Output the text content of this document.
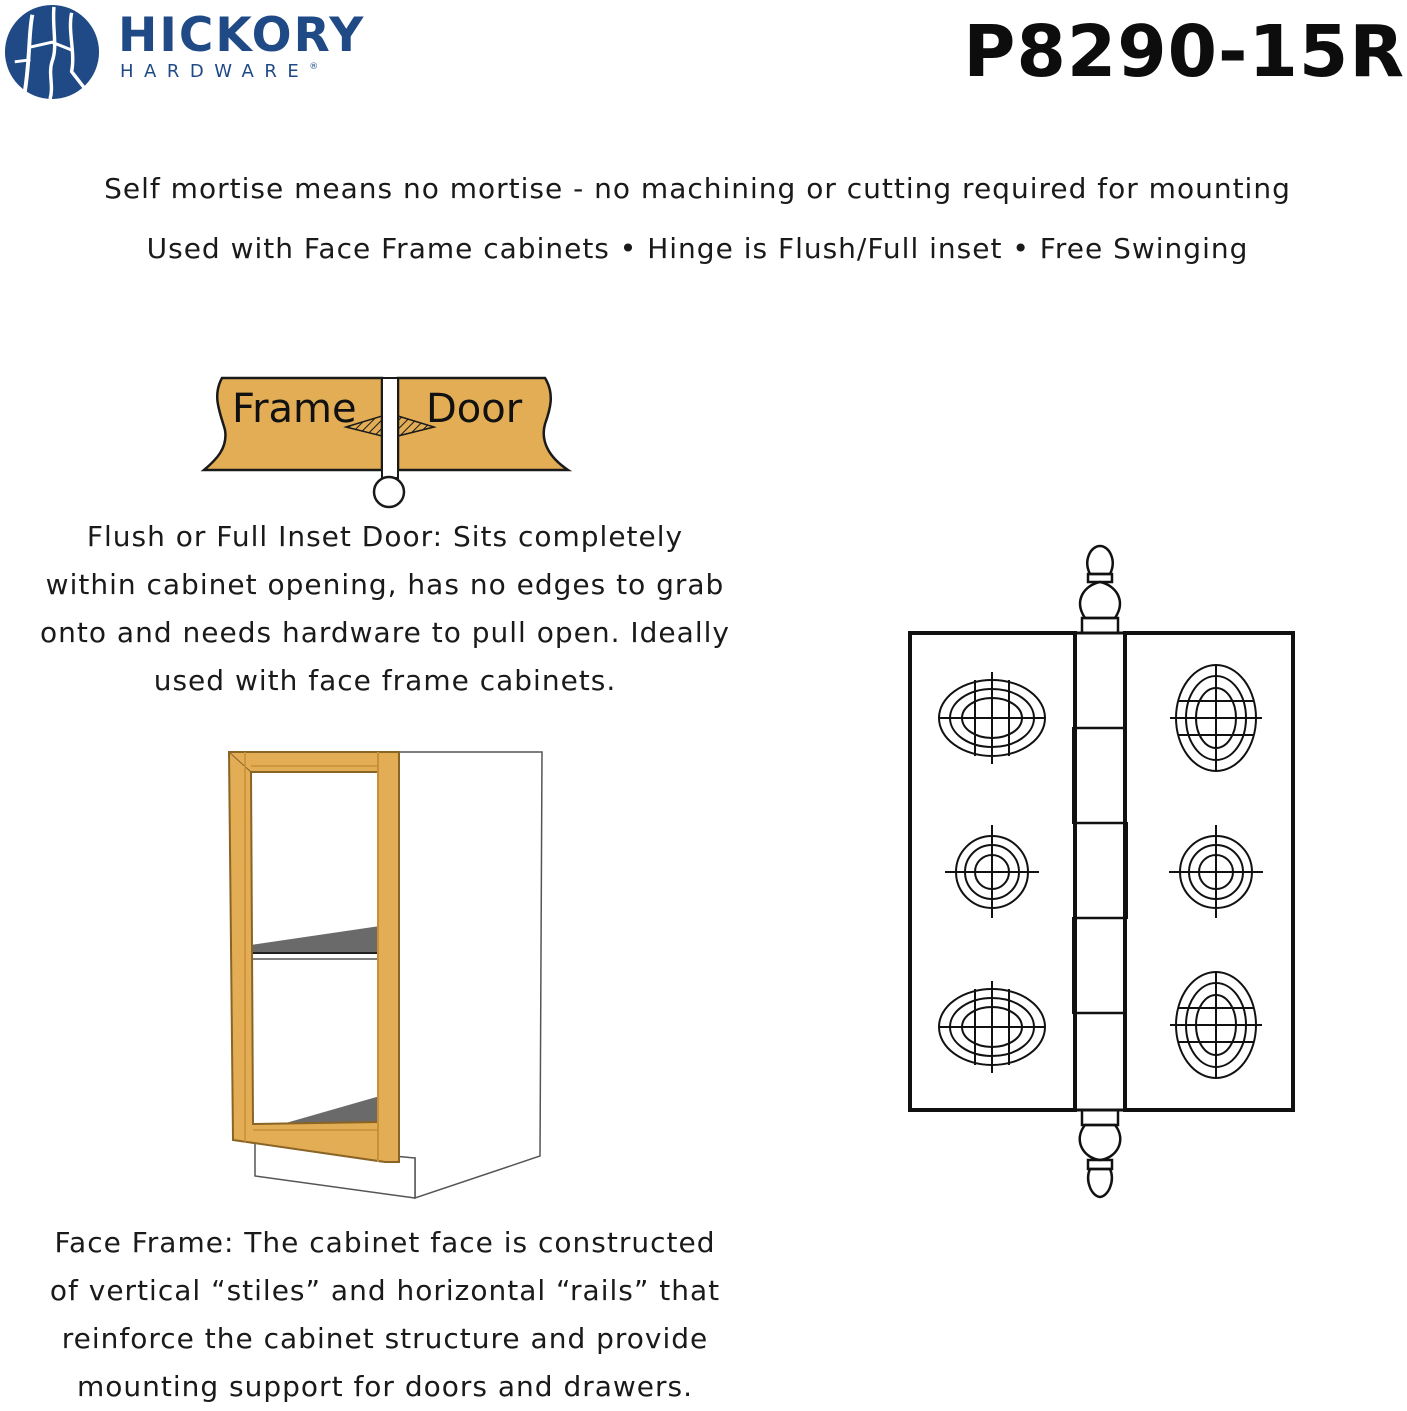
HICKORY
HARDWARE®	P8290-15R
Self mortise means no mortise - no machining or cutting required for mounting
Used with Face Frame cabinets • Hinge is Flush/Full inset • Free Swinging
Frame Door
Flush or Full Inset Door: Sits completely
within cabinet opening, has no edges to grab
onto and needs hardware to pull open. Ideally
used with face frame cabinets.
Face Frame: The cabinet face is constructed
of vertical “stiles” and horizontal “rails” that
reinforce the cabinet structure and provide
mounting support for doors and drawers.
